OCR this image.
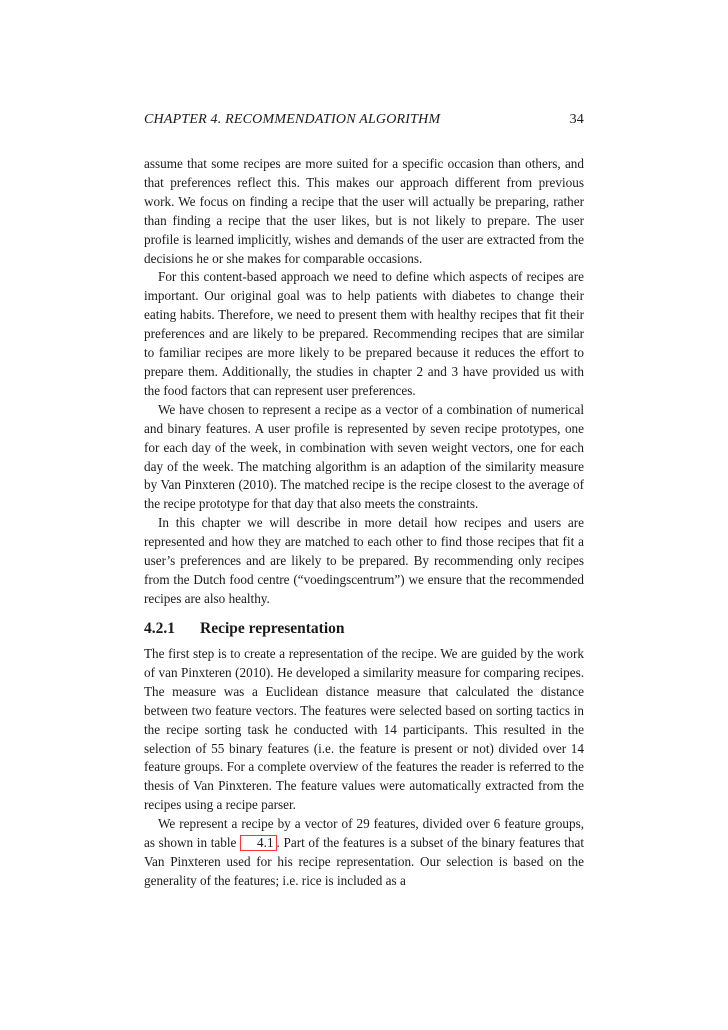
CHAPTER 4. RECOMMENDATION ALGORITHM	34

assume that some recipes are more suited for a specific occasion than others, and that preferences reflect this. This makes our approach different from previous work. We focus on finding a recipe that the user will actually be preparing, rather than finding a recipe that the user likes, but is not likely to prepare. The user profile is learned implicitly, wishes and demands of the user are extracted from the decisions he or she makes for comparable occasions.

For this content-based approach we need to define which aspects of recipes are important. Our original goal was to help patients with diabetes to change their eating habits. Therefore, we need to present them with healthy recipes that fit their preferences and are likely to be prepared. Recommending recipes that are similar to familiar recipes are more likely to be prepared because it reduces the effort to prepare them. Additionally, the studies in chapter 2 and 3 have provided us with the food factors that can represent user preferences.

We have chosen to represent a recipe as a vector of a combination of numerical and binary features. A user profile is represented by seven recipe prototypes, one for each day of the week, in combination with seven weight vectors, one for each day of the week. The matching algorithm is an adaption of the similarity measure by Van Pinxteren (2010). The matched recipe is the recipe closest to the average of the recipe prototype for that day that also meets the constraints.

In this chapter we will describe in more detail how recipes and users are represented and how they are matched to each other to find those recipes that fit a user’s preferences and are likely to be prepared. By recommending only recipes from the Dutch food centre (“voedingscentrum”) we ensure that the recommended recipes are also healthy.

4.2.1 Recipe representation

The first step is to create a representation of the recipe. We are guided by the work of van Pinxteren (2010). He developed a similarity measure for comparing recipes. The measure was a Euclidean distance measure that calculated the distance between two feature vectors. The features were selected based on sorting tactics in the recipe sorting task he conducted with 14 participants. This resulted in the selection of 55 binary features (i.e. the feature is present or not) divided over 14 feature groups. For a complete overview of the features the reader is referred to the thesis of Van Pinxteren. The feature values were automatically extracted from the recipes using a recipe parser.

We represent a recipe by a vector of 29 features, divided over 6 feature groups, as shown in table 4.1 . Part of the features is a subset of the binary features that Van Pinxteren used for his recipe representation. Our selection is based on the generality of the features; i.e. rice is included as a
